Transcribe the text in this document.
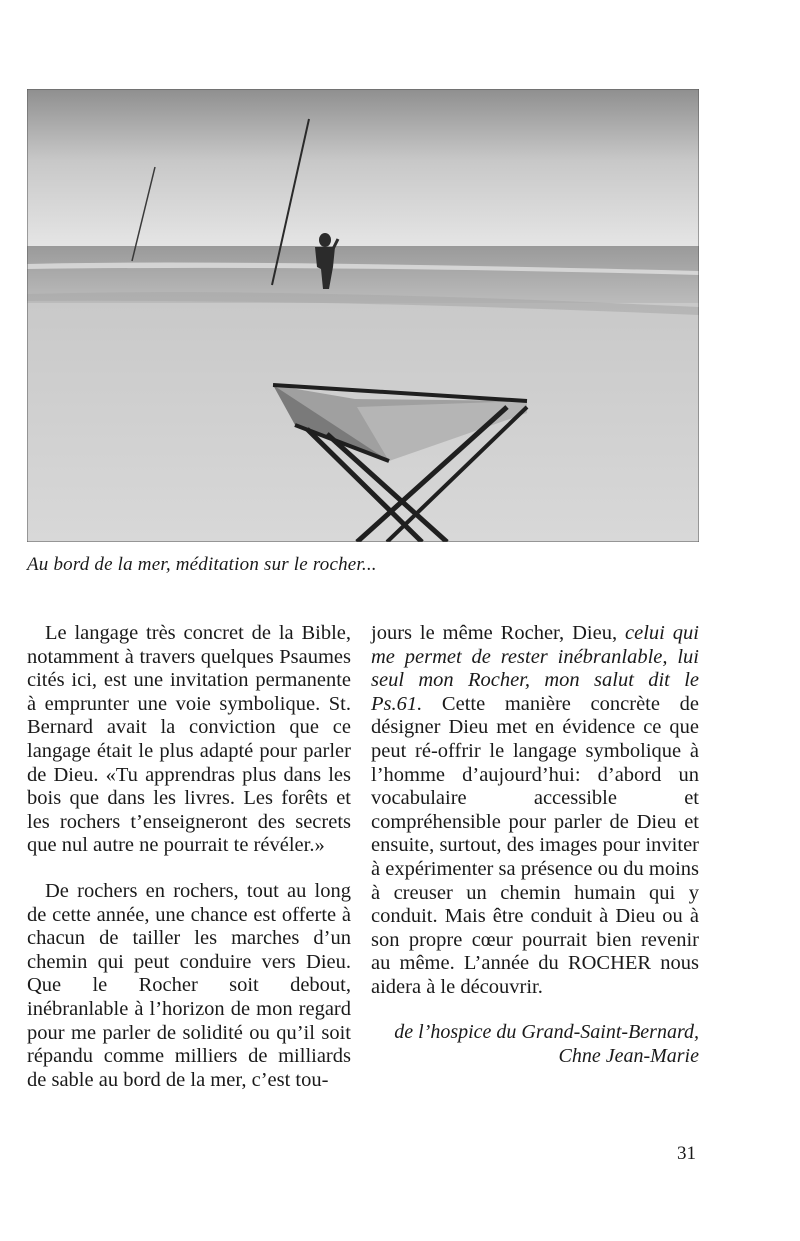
Au bord de la mer, méditation sur le rocher...

Le langage très concret de la Bible, notamment à travers quelques Psaumes cités ici, est une invitation permanente à emprunter une voie symbolique. St. Bernard avait la conviction que ce langage était le plus adapté pour parler de Dieu. «Tu apprendras plus dans les bois que dans les livres. Les forêts et les rochers t’enseigneront des secrets que nul autre ne pourrait te révéler.»

De rochers en rochers, tout au long de cette année, une chance est offerte à chacun de tailler les marches d’un chemin qui peut conduire vers Dieu. Que le Rocher soit debout, inébranlable à l’horizon de mon regard pour me parler de solidité ou qu’il soit répandu comme milliers de milliards de sable au bord de la mer, c’est tou-

jours le même Rocher, Dieu, celui qui me permet de rester inébranlable, lui seul mon Rocher, mon salut dit le Ps.61. Cette manière concrète de désigner Dieu met en évidence ce que peut ré-offrir le langage symbolique à l’homme d’aujourd’hui: d’abord un vocabulaire accessible et compréhensible pour parler de Dieu et ensuite, surtout, des images pour inviter à expérimenter sa présence ou du moins à creuser un chemin humain qui y conduit. Mais être conduit à Dieu ou à son propre cœur pourrait bien revenir au même. L’année du ROCHER nous aidera à le découvrir.

de l’hospice du Grand-Saint-Bernard,
Chne Jean-Marie
31
